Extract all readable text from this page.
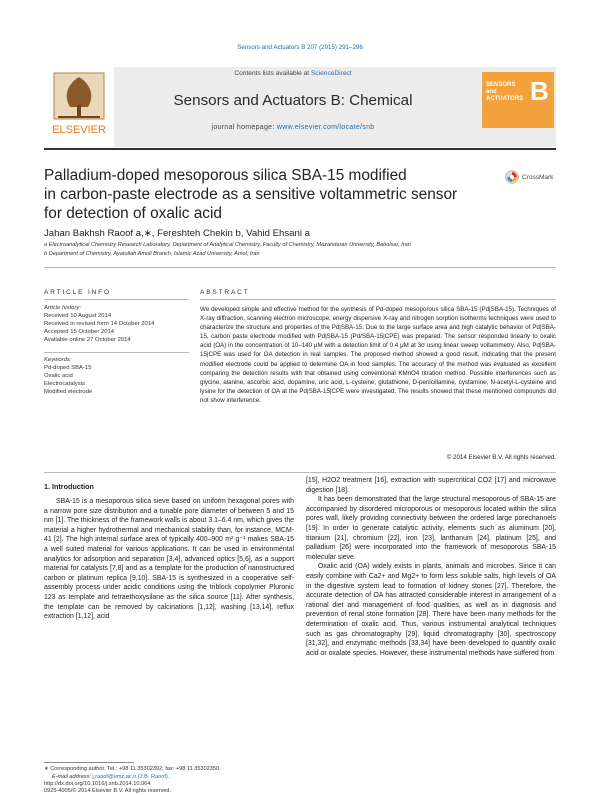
Sensors and Actuators B 207 (2015) 291–296
ELSEVIER
Contents lists available at ScienceDirect
Sensors and Actuators B: Chemical
journal homepage: www.elsevier.com/locate/snb
SENSORS and ACTUATORS B
Palladium-doped mesoporous silica SBA-15 modified
in carbon-paste electrode as a sensitive voltammetric sensor
for detection of oxalic acid
CrossMark
Jahan Bakhsh Raoof a,∗, Fereshteh Chekin b, Vahid Ehsani a
a Electroanalytical Chemistry Research Laboratory, Department of Analytical Chemistry, Faculty of Chemistry, Mazandaran University, Babolsar, Iran
b Department of Chemistry, Ayatollah Amoli Branch, Islamic Azad University, Amol, Iran
ARTICLE INFO
Article history:
Received 10 August 2014
Received in revised form 14 October 2014
Accepted 15 October 2014
Available online 27 October 2014
Keywords:
Pd-doped SBA-15
Oxalic acid
Electrocatalysis
Modified electrode
ABSTRACT
We developed simple and effective method for the synthesis of Pd-doped mesoporous silica SBA-15 (Pd|SBA-15). Techniques of X-ray diffraction, scanning electron microscope, energy dispersive X-ray and nitrogen sorption isotherms techniques were used to characterize the structure and properties of the Pd|SBA-15. Due to the large surface area and high catalytic behavior of Pd|SBA-15, carbon paste electrode modified with Pd|SBA-15 (Pd/SBA-15|CPE) was prepared. The sensor responded linearly to oxalic acid (OA) in the concentration of 10–140 μM with a detection limit of 0.4 μM at 3σ using linear sweep voltammetry. Also, Pd|SBA-15|CPE was used for OA detection in real samples. The proposed method showed a good result, indicating that the present modified electrode could be applied to determine OA in food samples. The accuracy of the method was evaluated as excellent comparing the detection results with that obtained using conventional KMnO4 titration method. Possible interferences such as glycine, alanine, ascorbic acid, dopamine, uric acid, L-cysteine, glutathione, D-penicillamine, cystamine, N-acetyl-L-cysteine and lysine for the detection of OA at the Pd|SBA-15|CPE were investigated. The results showed that these mentioned compounds did not show interference.
© 2014 Elsevier B.V. All rights reserved.
1. Introduction

SBA-15 is a mesoporous silica sieve based on uniform hexagonal pores with a narrow pore size distribution and a tunable pore diameter of between 5 and 15 nm [1]. The thickness of the framework walls is about 3.1–6.4 nm, which gives the material a higher hydrothermal and mechanical stability than, for instance, MCM-41 [2]. The high internal surface area of typically 400–900 m² g⁻¹ makes SBA-15 a well suited material for various applications. It can be used in environmental analytics for adsorption and separation [3,4], advanced optics [5,6], as a support material for catalysts [7,8] and as a template for the production of nanostructured carbon or platinum replica [9,10]. SBA-15 is synthesized in a cooperative self-assembly process under acidic conditions using the triblock copolymer Pluronic 123 as template and tetraethoxysilane as the silica source [11]. After synthesis, the template can be removed by calcinations [1,12], washing [13,14], reflux extraction [1,12], acid

[15], H2O2 treatment [16], extraction with supercritical CO2 [17] and microwave digestion [18].

It has been demonstrated that the large structural mesoporous of SBA-15 are accompanied by disordered microporous or mesoporous located within the silica pores wall, likely providing connectivity between the ordered large porechannels [19]. In order to generate catalytic activity, elements such as aluminum [20], titanium [21], chromium [22], iron [23], lanthanum [24], platinum [25], and palladium [26] were incorporated into the framework of mesoporous SBA-15 molecular sieve.

Oxalic acid (OA) widely exists in plants, animals and microbes. Since it can easily combine with Ca2+ and Mg2+ to form less soluble salts, high levels of OA in the digestive system lead to formation of kidney stones [27]. Therefore, the accurate detection of OA has attracted considerable interest in arrangement of a rational diet and management of food qualities, as well as in diagnosis and prevention of renal stone formation [28]. There have been many methods for the determination of oxalic acid. Thus, various instrumental analytical techniques such as gas chromatography [29], liquid chromatography [30], spectroscopy [31,32], and enzymatic methods [33,34] have been developed to quantify oxalic acid or oxalate species. However, these instrumental methods have suffered from

∗ Corresponding author. Tel.: +98 11 35302392; fax: +98 11 35302350.
E-mail address: j.raoof@umz.ac.ir (J.B. Raoof).
http://dx.doi.org/10.1016/j.snb.2014.10.064
0925-4005/© 2014 Elsevier B.V. All rights reserved.
